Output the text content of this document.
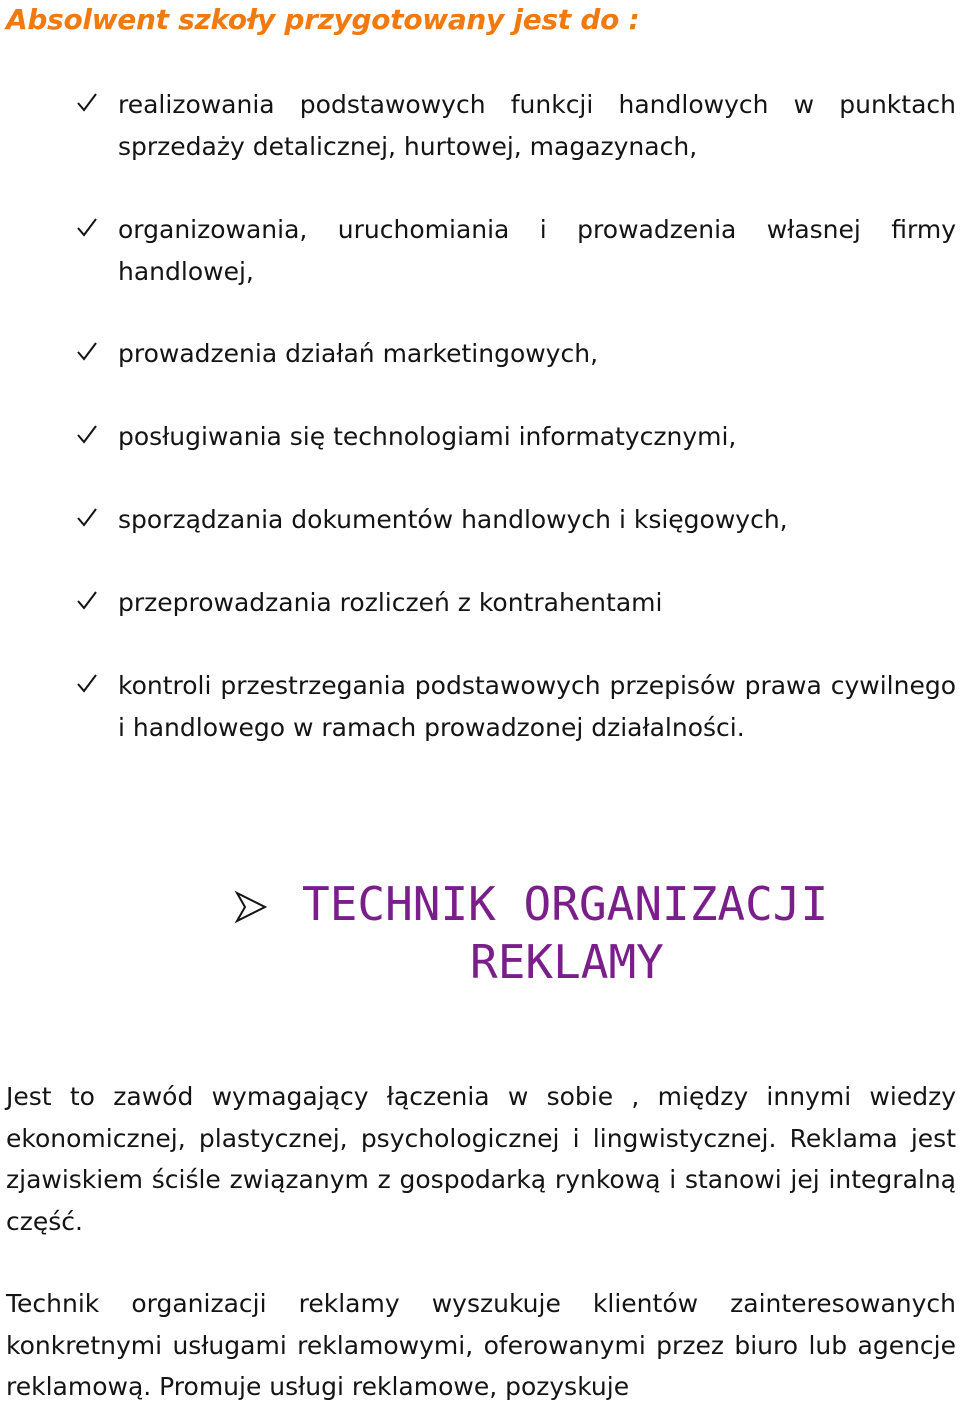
Absolwent szkoły przygotowany jest do :

realizowania podstawowych funkcji handlowych w punktach sprzedaży detalicznej, hurtowej, magazynach,

organizowania, uruchomiania i prowadzenia własnej firmy handlowej,

prowadzenia działań marketingowych,

posługiwania się technologiami informatycznymi,

sporządzania dokumentów handlowych i księgowych,

przeprowadzania rozliczeń z kontrahentami

kontroli przestrzegania podstawowych przepisów prawa cywilnego i handlowego w ramach prowadzonej działalności.

TECHNIK ORGANIZACJI

REKLAMY

Jest to zawód wymagający łączenia w sobie , między innymi wiedzy ekonomicznej, plastycznej, psychologicznej i lingwistycznej. Reklama jest zjawiskiem ściśle związanym z gospodarką rynkową i stanowi jej integralną część.

Technik organizacji reklamy wyszukuje klientów zainteresowanych konkretnymi usługami reklamowymi, oferowanymi przez biuro lub agencje reklamową. Promuje usługi reklamowe, pozyskuje
